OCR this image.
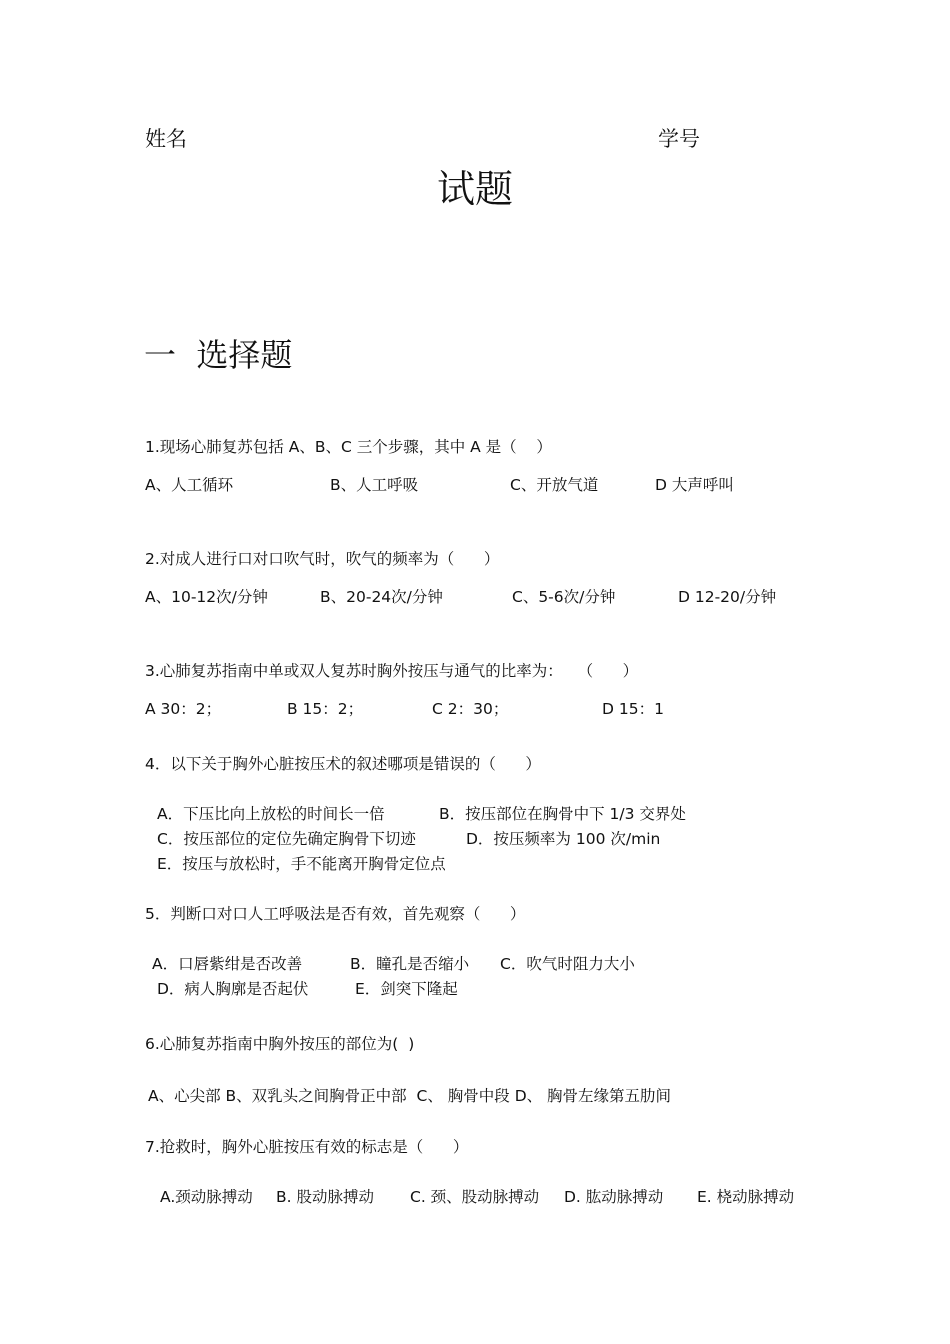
姓名	学号
试题
一  选择题
1.现场心肺复苏包括 A、B、C 三个步骤，其中 A 是（    ）
A、人工循环	B、人工呼吸	C、开放气道	D 大声呼叫
2.对成人进行口对口吹气时，吹气的频率为（      ）
A、10-12次/分钟	B、20-24次/分钟	C、5-6次/分钟	D 12-20/分钟
3.心肺复苏指南中单或双人复苏时胸外按压与通气的比率为：   （      ）
A 30：2；	B 15：2；	C 2：30；	D 15：1
4．以下关于胸外心脏按压术的叙述哪项是错误的（      ）
A．下压比向上放松的时间长一倍	B．按压部位在胸骨中下 1/3 交界处
C．按压部位的定位先确定胸骨下切迹	D．按压频率为 100 次/min
E．按压与放松时，手不能离开胸骨定位点
5．判断口对口人工呼吸法是否有效，首先观察（      ）
A．口唇紫绀是否改善	B．瞳孔是否缩小 C．吹气时阻力大小
D．病人胸廓是否起伏	E．剑突下隆起
6.心肺复苏指南中胸外按压的部位为(  )
A、心尖部 B、双乳头之间胸骨正中部  C、 胸骨中段 D、 胸骨左缘第五肋间
7.抢救时，胸外心脏按压有效的标志是（      ）
A.颈动脉搏动 B. 股动脉搏动 C. 颈、股动脉搏动 D. 肱动脉搏动 E. 桡动脉搏动
